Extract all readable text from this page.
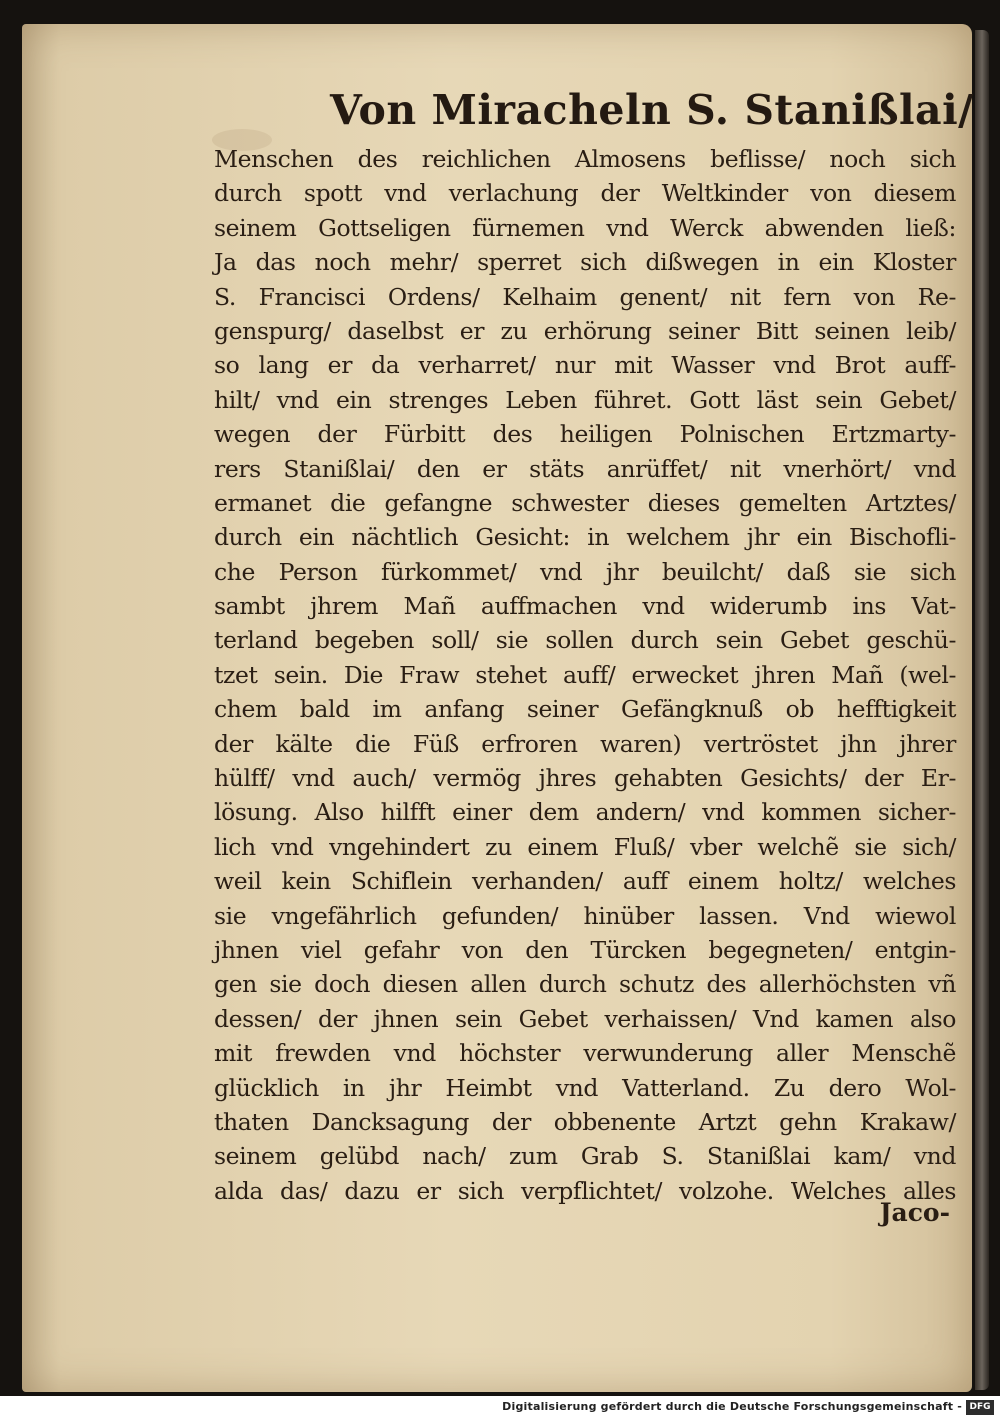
Von Miracheln S. Stanißlai/
Menschen des reichlichen Almosens beflisse/ noch sich
durch spott vnd verlachung der Weltkinder von diesem
seinem Gottseligen fürnemen vnd Werck abwenden ließ:
Ja das noch mehr/ sperret sich dißwegen in ein Kloster
S. Francisci Ordens/ Kelhaim genent/ nit fern von Re-
genspurg/ daselbst er zu erhörung seiner Bitt seinen leib/
so lang er da verharret/ nur mit Wasser vnd Brot auff-
hilt/ vnd ein strenges Leben führet. Gott läst sein Gebet/
wegen der Fürbitt des heiligen Polnischen Ertzmarty-
rers Stanißlai/ den er stäts anrüffet/ nit vnerhört/ vnd
ermanet die gefangne schwester dieses gemelten Artztes/
durch ein nächtlich Gesicht: in welchem jhr ein Bischofli-
che Person fürkommet/ vnd jhr beuilcht/ daß sie sich
sambt jhrem Mañ auffmachen vnd widerumb ins Vat-
terland begeben soll/ sie sollen durch sein Gebet geschü-
tzet sein. Die Fraw stehet auff/ erwecket jhren Mañ (wel-
chem bald im anfang seiner Gefängknuß ob hefftigkeit
der kälte die Füß erfroren waren) vertröstet jhn jhrer
hülff/ vnd auch/ vermög jhres gehabten Gesichts/ der Er-
lösung. Also hilfft einer dem andern/ vnd kommen sicher-
lich vnd vngehindert zu einem Fluß/ vber welchẽ sie sich/
weil kein Schiflein verhanden/ auff einem holtz/ welches
sie vngefährlich gefunden/ hinüber lassen. Vnd wiewol
jhnen viel gefahr von den Türcken begegneten/ entgin-
gen sie doch diesen allen durch schutz des allerhöchsten vñ
dessen/ der jhnen sein Gebet verhaissen/ Vnd kamen also
mit frewden vnd höchster verwunderung aller Menschẽ
glücklich in jhr Heimbt vnd Vatterland. Zu dero Wol-
thaten Dancksagung der obbenente Artzt gehn Krakaw/
seinem gelübd nach/ zum Grab S. Stanißlai kam/ vnd
alda das/ dazu er sich verpflichtet/ volzohe. Welches alles
Jaco-
Digitalisierung gefördert durch die Deutsche Forschungsgemeinschaft - DFG
